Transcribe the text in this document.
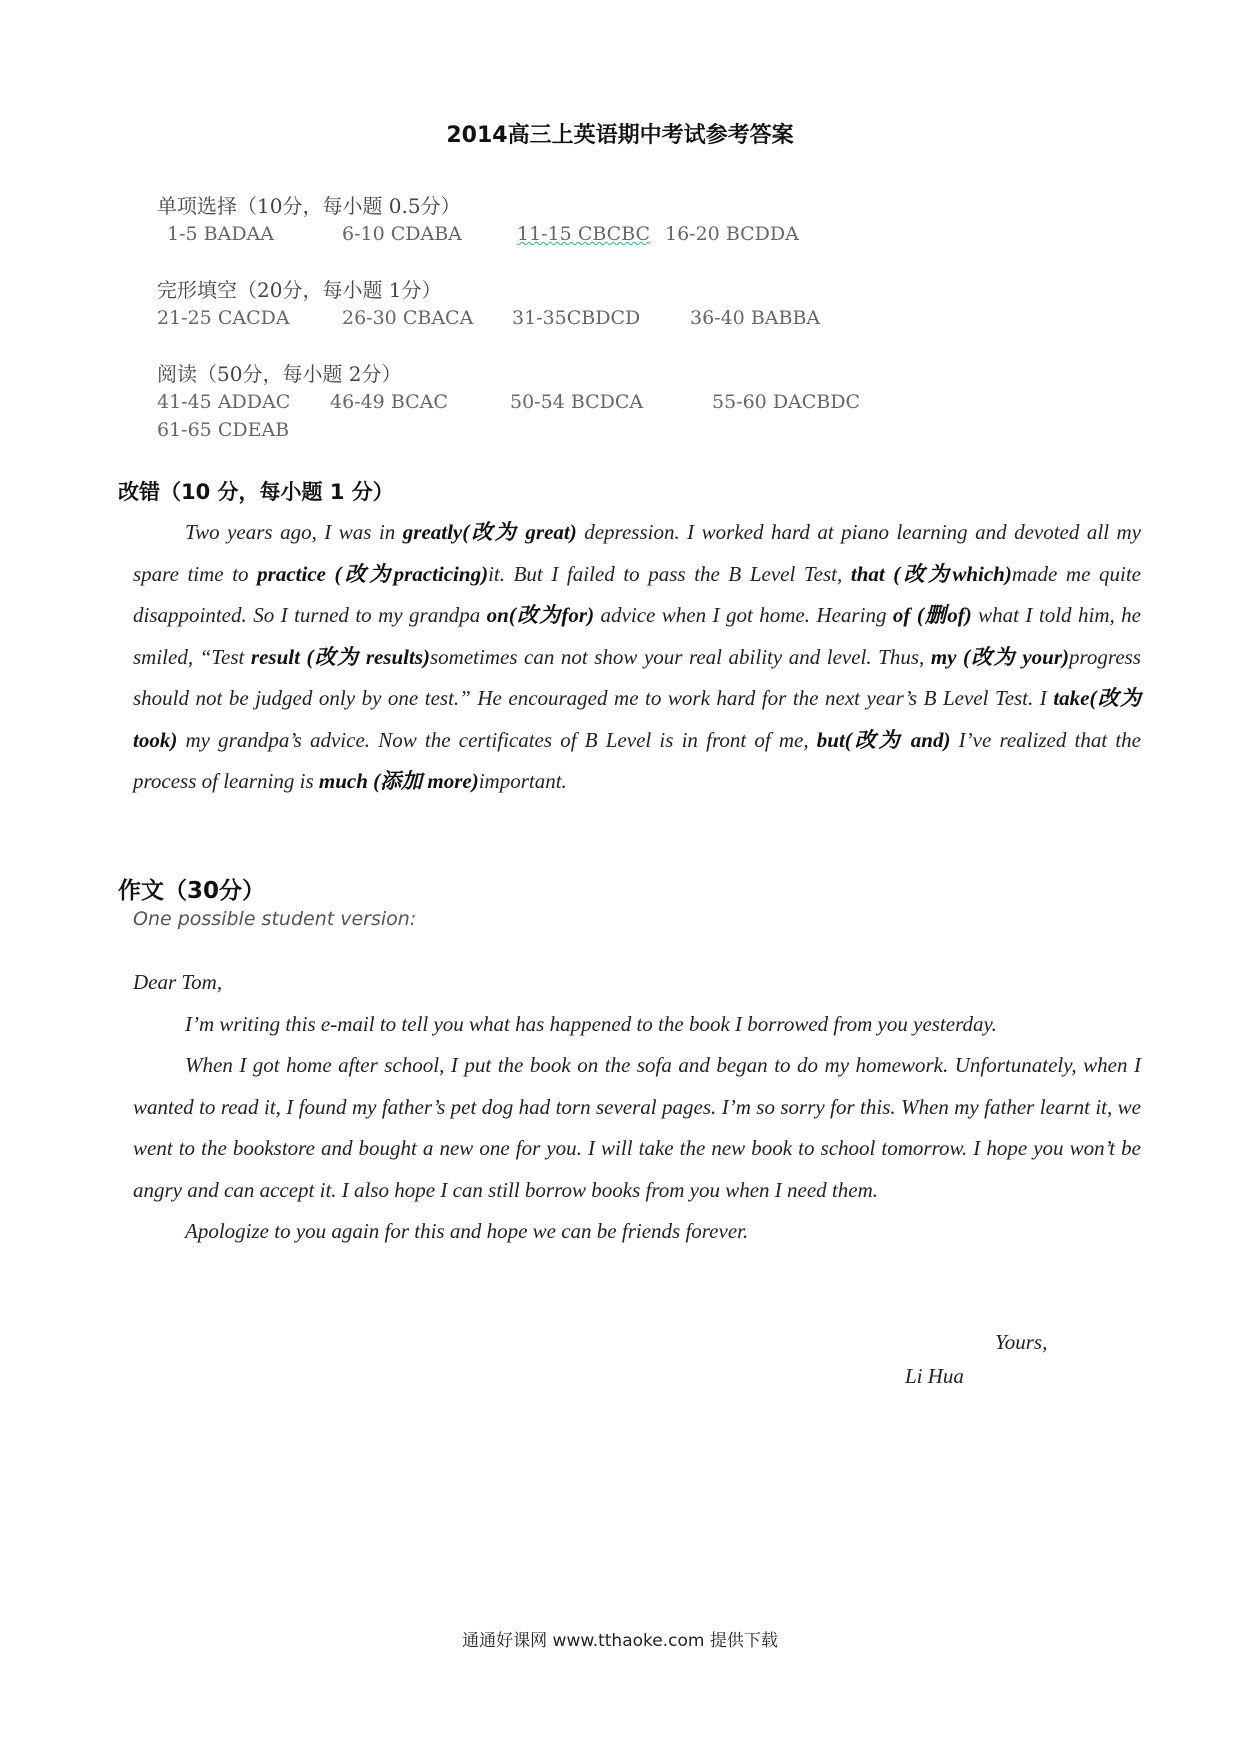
2014高三上英语期中考试参考答案
单项选择（10分，每小题 0.5分）
1-5 BADAA	6-10 CDABA	11-15 CBCBC 16-20 BCDDA
完形填空（20分，每小题 1分）
21-25 CACDA	26-30 CBACA 31-35CBDCD	36-40 BABBA
阅读（50分，每小题 2分）
41-45 ADDAC 46-49 BCAC	50-54 BCDCA	55-60 DACBDC
61-65 CDEAB
改错（10 分，每小题 1 分）
Two years ago, I was in greatly(改为 great) depression. I worked hard at piano learning and devoted all my spare time to practice (改为practicing)it. But I failed to pass the B Level Test, that (改为which)made me quite disappointed. So I turned to my grandpa on(改为for) advice when I got home. Hearing of (删of) what I told him, he smiled, “Test result (改为 results)sometimes can not show your real ability and level. Thus, my (改为 your)progress should not be judged only by one test.” He encouraged me to work hard for the next year’s B Level Test. I take(改为 took) my grandpa’s advice. Now the certificates of B Level is in front of me, but(改为 and) I’ve realized that the process of learning is much (添加 more)important.
作文（30分）
One possible student version:

Dear Tom,

I’m writing this e-mail to tell you what has happened to the book I borrowed from you yesterday.

When I got home after school, I put the book on the sofa and began to do my homework. Unfortunately, when I wanted to read it, I found my father’s pet dog had torn several pages. I’m so sorry for this. When my father learnt it, we went to the bookstore and bought a new one for you. I will take the new book to school tomorrow. I hope you won’t be angry and can accept it. I also hope I can still borrow books from you when I need them.

Apologize to you again for this and hope we can be friends forever.

Yours,
Li Hua
通通好课网 www.tthaoke.com 提供下载
